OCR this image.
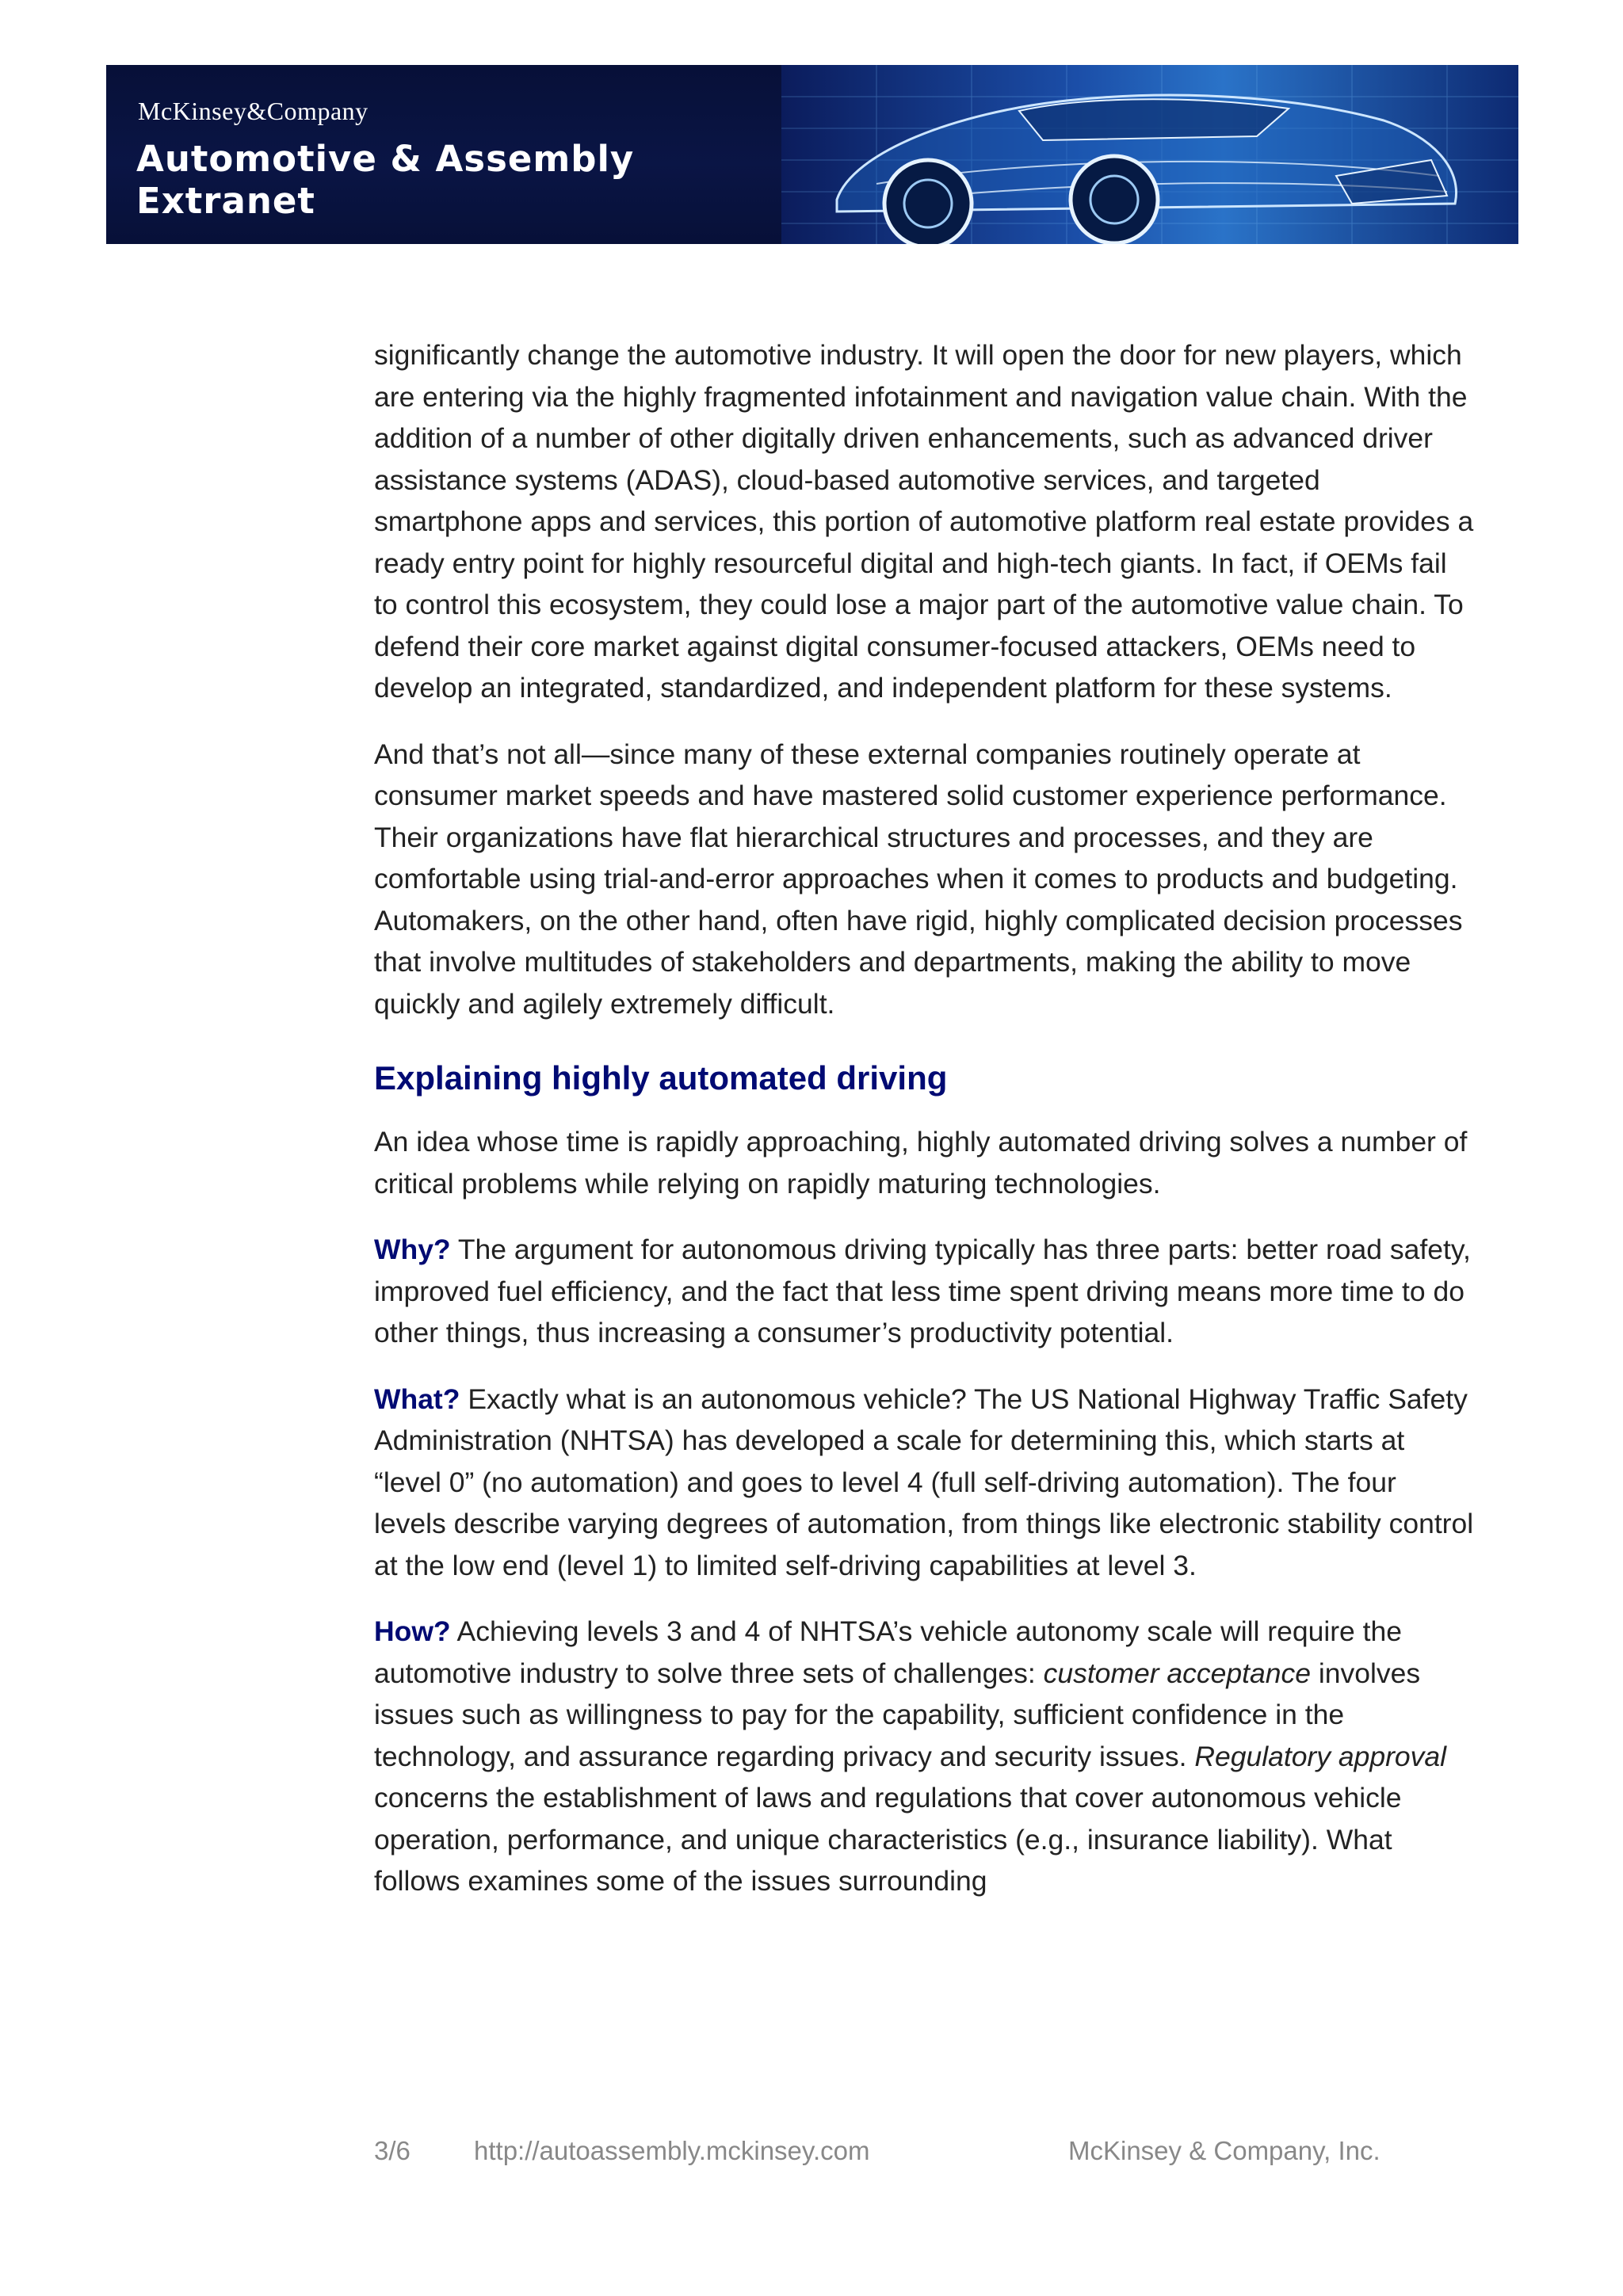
McKinsey&Company
Automotive & Assembly Extranet

significantly change the automotive industry. It will open the door for new players, which are entering via the highly fragmented infotainment and navigation value chain. With the addition of a number of other digitally driven enhancements, such as advanced driver assistance systems (ADAS), cloud-based automotive services, and targeted smartphone apps and services, this portion of automotive platform real estate provides a ready entry point for highly resourceful digital and high-tech giants. In fact, if OEMs fail to control this ecosystem, they could lose a major part of the automotive value chain. To defend their core market against digital consumer-focused attackers, OEMs need to develop an integrated, standardized, and independent platform for these systems.

And that’s not all—since many of these external companies routinely operate at consumer market speeds and have mastered solid customer experience performance. Their organizations have flat hierarchical structures and processes, and they are comfortable using trial-and-error approaches when it comes to products and budgeting. Automakers, on the other hand, often have rigid, highly complicated decision processes that involve multitudes of stakeholders and departments, making the ability to move quickly and agilely extremely difficult.

Explaining highly automated driving

An idea whose time is rapidly approaching, highly automated driving solves a number of critical problems while relying on rapidly maturing technologies.

Why? The argument for autonomous driving typically has three parts: better road safety, improved fuel efficiency, and the fact that less time spent driving means more time to do other things, thus increasing a consumer’s productivity potential.

What? Exactly what is an autonomous vehicle? The US National Highway Traffic Safety Administration (NHTSA) has developed a scale for determining this, which starts at “level 0” (no automation) and goes to level 4 (full self-driving automation). The four levels describe varying degrees of automation, from things like electronic stability control at the low end (level 1) to limited self-driving capabilities at level 3.

How? Achieving levels 3 and 4 of NHTSA’s vehicle autonomy scale will require the automotive industry to solve three sets of challenges: customer acceptance involves issues such as willingness to pay for the capability, sufficient confidence in the technology, and assurance regarding privacy and security issues. Regulatory approval concerns the establishment of laws and regulations that cover autonomous vehicle operation, performance, and unique characteristics (e.g., insurance liability). What follows examines some of the issues surrounding

3/6 http://autoassembly.mckinsey.com	McKinsey & Company, Inc.
